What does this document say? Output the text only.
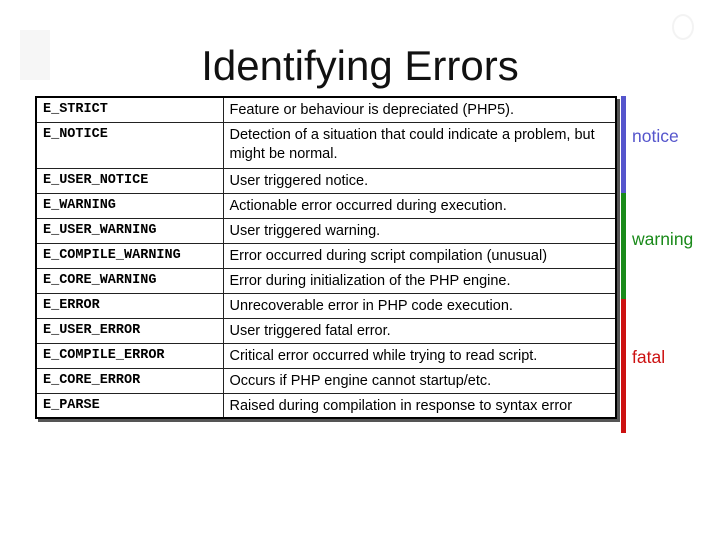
Identifying Errors
E_STRICT	Feature or behaviour is depreciated (PHP5).
E_NOTICE	Detection of a situation that could indicate a problem, but might be normal.
E_USER_NOTICE	User triggered notice.
E_WARNING	Actionable error occurred during execution.
E_USER_WARNING	User triggered warning.
E_COMPILE_WARNING	Error occurred during script compilation (unusual)
E_CORE_WARNING	Error during initialization of the PHP engine.
E_ERROR	Unrecoverable error in PHP code execution.
E_USER_ERROR	User triggered fatal error.
E_COMPILE_ERROR	Critical error occurred while trying to read script.
E_CORE_ERROR	Occurs if PHP engine cannot startup/etc.
E_PARSE	Raised during compilation in response to syntax error
notice
warning
fatal
